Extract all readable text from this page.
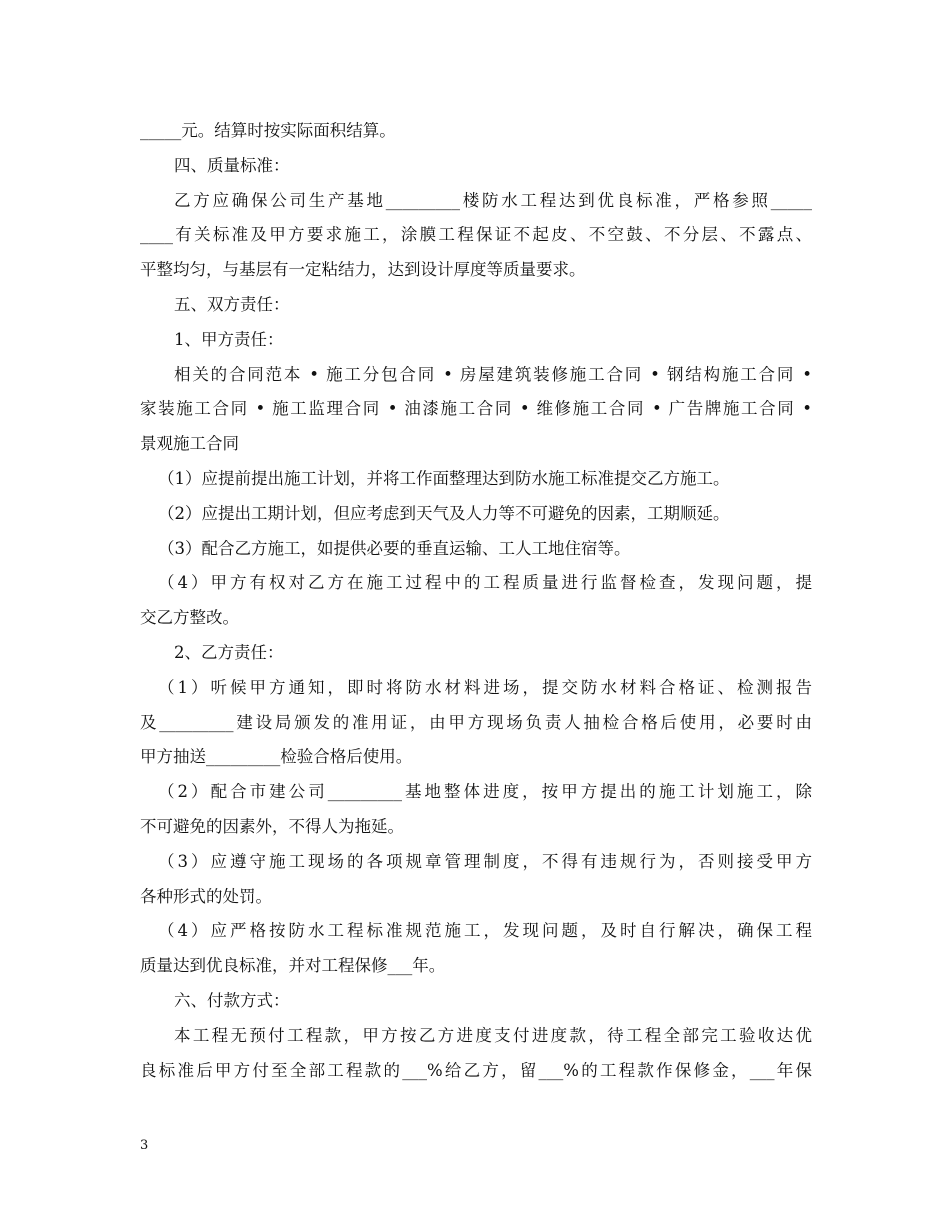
_____元。结算时按实际面积结算。
四、质量标准：
乙方应确保公司生产基地_________楼防水工程达到优良标准，严格参照_____
____有关标准及甲方要求施工，涂膜工程保证不起皮、不空鼓、不分层、不露点、
平整均匀，与基层有一定粘结力，达到设计厚度等质量要求。
五、双方责任：
1、甲方责任：
相关的合同范本 • 施工分包合同 • 房屋建筑装修施工合同 • 钢结构施工合同 •
家装施工合同 • 施工监理合同 • 油漆施工合同 • 维修施工合同 • 广告牌施工合同 •
景观施工合同
（1）应提前提出施工计划，并将工作面整理达到防水施工标准提交乙方施工。
（2）应提出工期计划，但应考虑到天气及人力等不可避免的因素，工期顺延。
（3）配合乙方施工，如提供必要的垂直运输、工人工地住宿等。
（4）甲方有权对乙方在施工过程中的工程质量进行监督检查，发现问题，提
交乙方整改。
2、乙方责任：
（1）听候甲方通知，即时将防水材料进场，提交防水材料合格证、检测报告
及_________建设局颁发的准用证，由甲方现场负责人抽检合格后使用，必要时由
甲方抽送_________检验合格后使用。
（2）配合市建公司_________基地整体进度，按甲方提出的施工计划施工，除
不可避免的因素外，不得人为拖延。
（3）应遵守施工现场的各项规章管理制度，不得有违规行为，否则接受甲方
各种形式的处罚。
（4）应严格按防水工程标准规范施工，发现问题，及时自行解决，确保工程
质量达到优良标准，并对工程保修___年。
六、付款方式：
本工程无预付工程款，甲方按乙方进度支付进度款，待工程全部完工验收达优
良标准后甲方付至全部工程款的___%给乙方，留___%的工程款作保修金，___年保
3
